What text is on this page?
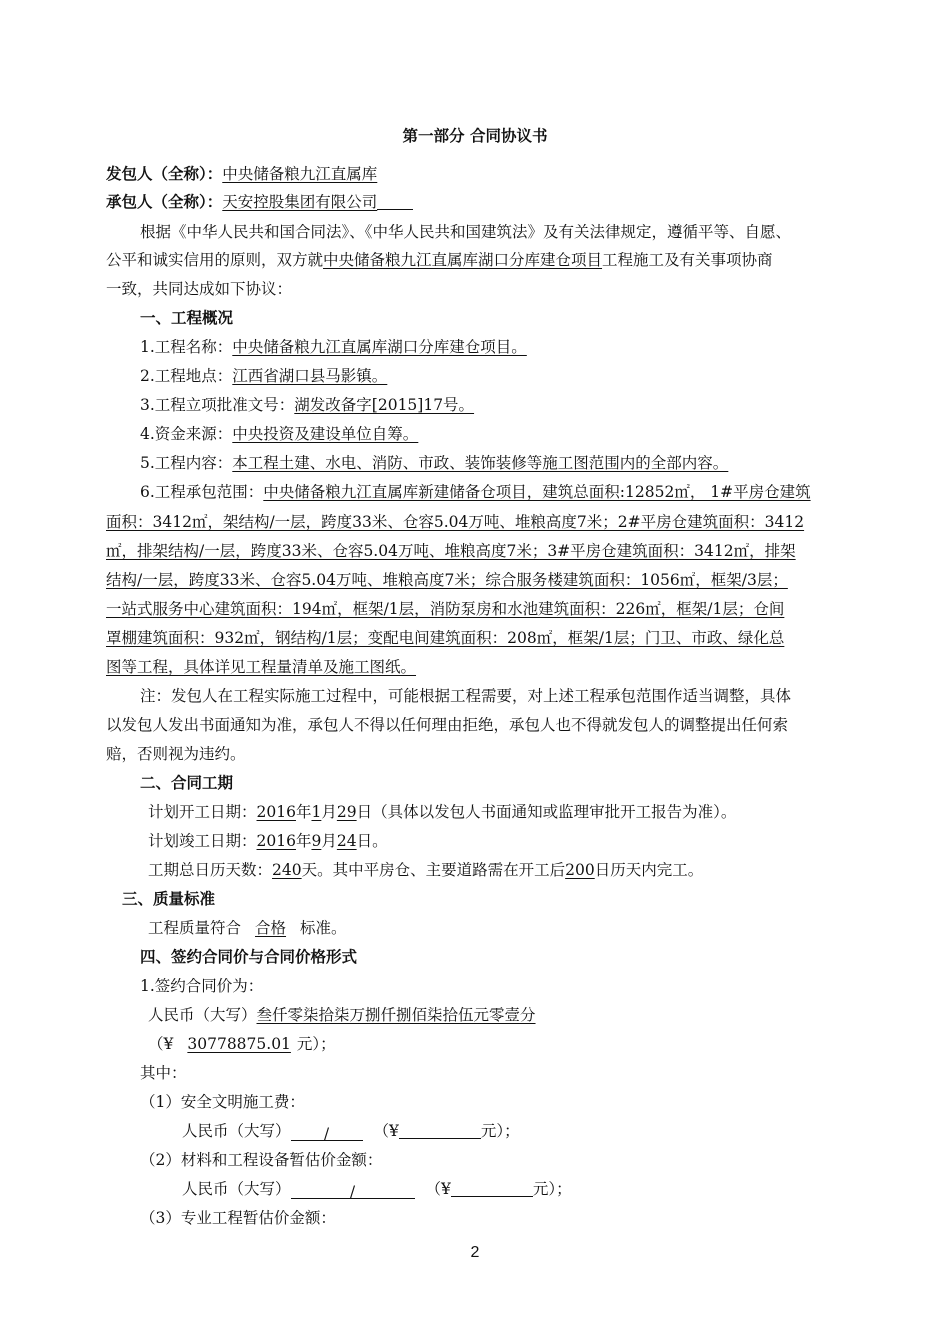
第一部分 合同协议书
发包人（全称）：中央储备粮九江直属库
承包人（全称）：天安控股集团有限公司
根据《中华人民共和国合同法》、《中华人民共和国建筑法》及有关法律规定，遵循平等、自愿、
公平和诚实信用的原则，双方就中央储备粮九江直属库湖口分库建仓项目工程施工及有关事项协商
一致，共同达成如下协议：
一、工程概况
1.工程名称：中央储备粮九江直属库湖口分库建仓项目。
2.工程地点：江西省湖口县马影镇。
3.工程立项批准文号：湖发改备字[2015]17号。
4.资金来源：中央投资及建设单位自筹。
5.工程内容：本工程土建、水电、消防、市政、装饰装修等施工图范围内的全部内容。
6.工程承包范围：中央储备粮九江直属库新建储备仓项目，建筑总面积:12852㎡， 1#平房仓建筑
面积：3412㎡，架结构/一层，跨度33米、仓容5.04万吨、堆粮高度7米；2#平房仓建筑面积：3412
㎡，排架结构/一层，跨度33米、仓容5.04万吨、堆粮高度7米；3#平房仓建筑面积：3412㎡，排架
结构/一层，跨度33米、仓容5.04万吨、堆粮高度7米；综合服务楼建筑面积：1056㎡，框架/3层；
一站式服务中心建筑面积：194㎡，框架/1层，消防泵房和水池建筑面积：226㎡，框架/1层；仓间
罩棚建筑面积：932㎡，钢结构/1层；变配电间建筑面积：208㎡，框架/1层；门卫、市政、绿化总
图等工程，具体详见工程量清单及施工图纸。
注：发包人在工程实际施工过程中，可能根据工程需要，对上述工程承包范围作适当调整，具体
以发包人发出书面通知为准，承包人不得以任何理由拒绝，承包人也不得就发包人的调整提出任何索
赔，否则视为违约。
二、合同工期
计划开工日期：2016年1月29日（具体以发包人书面通知或监理审批开工报告为准）。
计划竣工日期：2016年9月24日。
工期总日历天数：240天。其中平房仓、主要道路需在开工后200日历天内完工。
三、质量标准
工程质量符合 合格 标准。
四、签约合同价与合同价格形式
1.签约合同价为：
人民币（大写）叁仟零柒拾柒万捌仟捌佰柒拾伍元零壹分
（¥ 30778875.01 元）；
其中：
（1）安全文明施工费：
人民币（大写） /	（¥	元）；
（2）材料和工程设备暂估价金额：
人民币（大写）	/	（¥	元）；
（3）专业工程暂估价金额：
2
